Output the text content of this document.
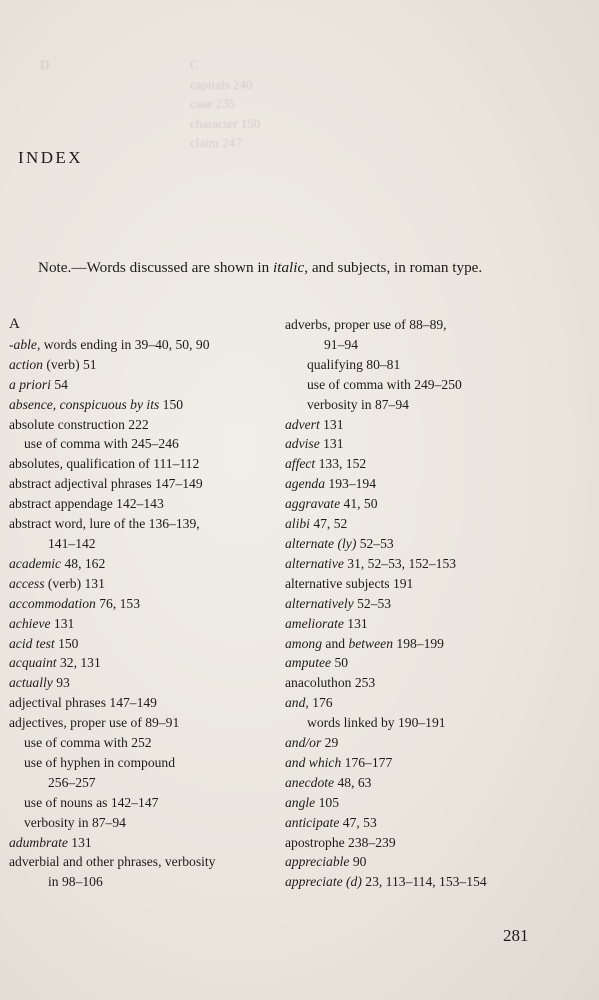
D	C
capitals 240
case 235
character 150
claim 247
INDEX
Note.—Words discussed are shown in italic, and subjects, in roman type.
A
-able, words ending in 39–40, 50, 90
action (verb) 51
a priori 54
absence, conspicuous by its 150
absolute construction 222
use of comma with 245–246
absolutes, qualification of 111–112
abstract adjectival phrases 147–149
abstract appendage 142–143
abstract word, lure of the 136–139,
141–142
academic 48, 162
access (verb) 131
accommodation 76, 153
achieve 131
acid test 150
acquaint 32, 131
actually 93
adjectival phrases 147–149
adjectives, proper use of 89–91
use of comma with 252
use of hyphen in compound
256–257
use of nouns as 142–147
verbosity in 87–94
adumbrate 131
adverbial and other phrases, verbosity
in 98–106
adverbs, proper use of 88–89,
91–94
qualifying 80–81
use of comma with 249–250
verbosity in 87–94
advert 131
advise 131
affect 133, 152
agenda 193–194
aggravate 41, 50
alibi 47, 52
alternate (ly) 52–53
alternative 31, 52–53, 152–153
alternative subjects 191
alternatively 52–53
ameliorate 131
among and between 198–199
amputee 50
anacoluthon 253
and, 176
words linked by 190–191
and/or 29
and which 176–177
anecdote 48, 63
angle 105
anticipate 47, 53
apostrophe 238–239
appreciable 90
appreciate (d) 23, 113–114, 153–154
281
